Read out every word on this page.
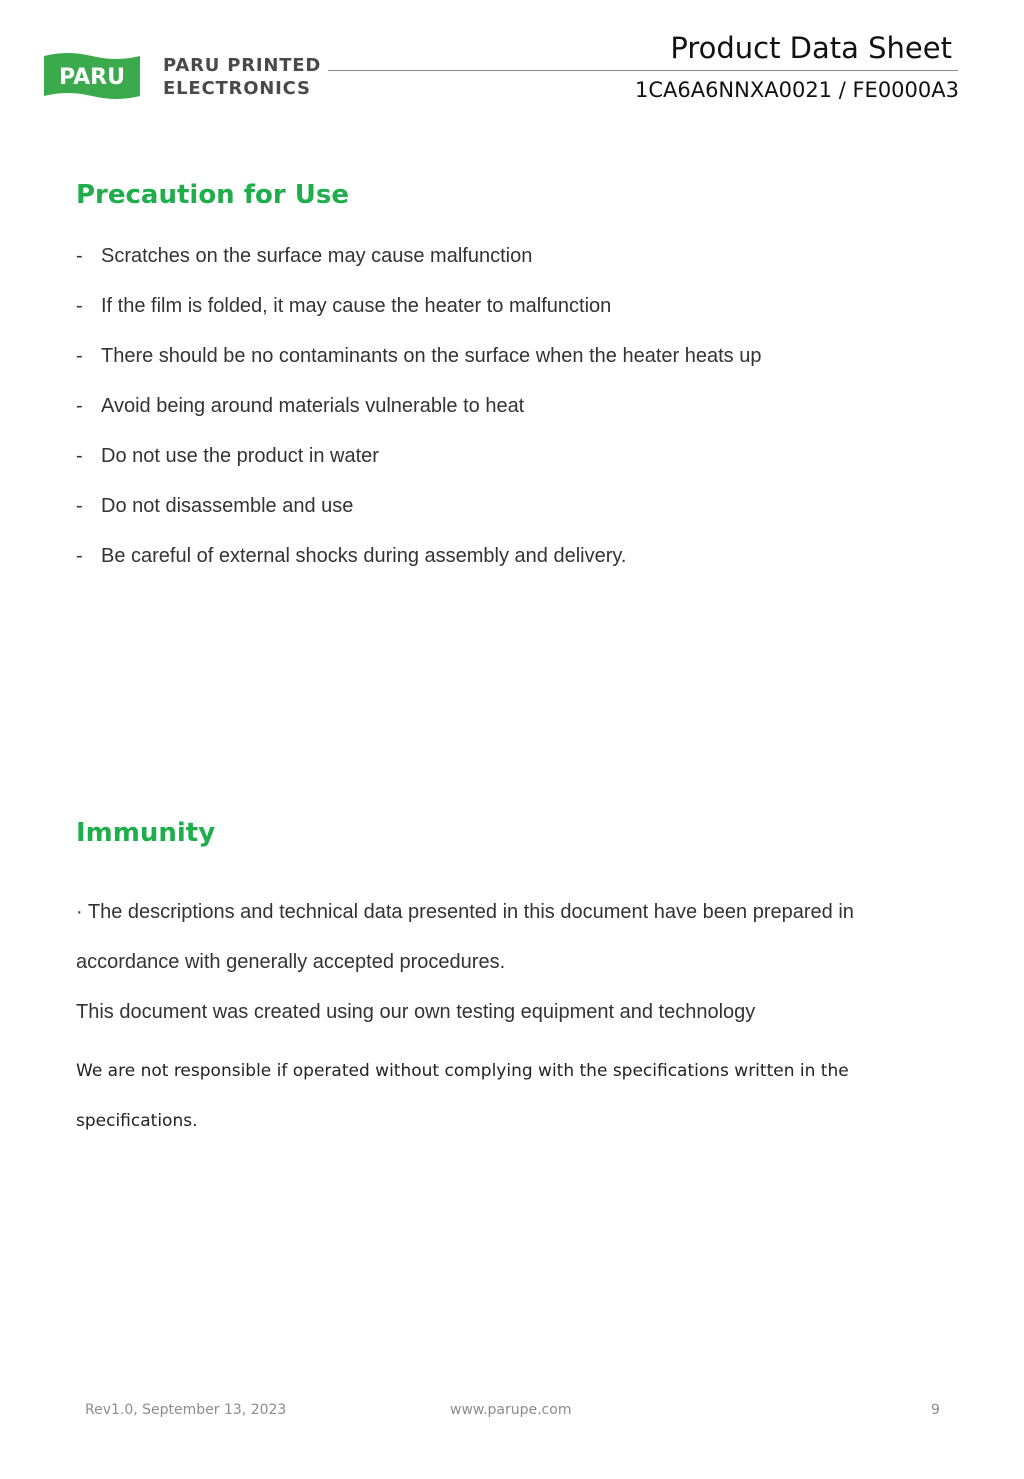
PARU PARU PRINTED
ELECTRONICS
Product Data Sheet
1CA6A6NNXA0021 / FE0000A3
Precaution for Use
- Scratches on the surface may cause malfunction
- If the film is folded, it may cause the heater to malfunction
- There should be no contaminants on the surface when the heater heats up
- Avoid being around materials vulnerable to heat
- Do not use the product in water
- Do not disassemble and use
- Be careful of external shocks during assembly and delivery.
Immunity
· The descriptions and technical data presented in this document have been prepared in
accordance with generally accepted procedures.
This document was created using our own testing equipment and technology
We are not responsible if operated without complying with the specifications written in the
specifications.
Rev1.0, September 13, 2023	www.parupe.com	9
